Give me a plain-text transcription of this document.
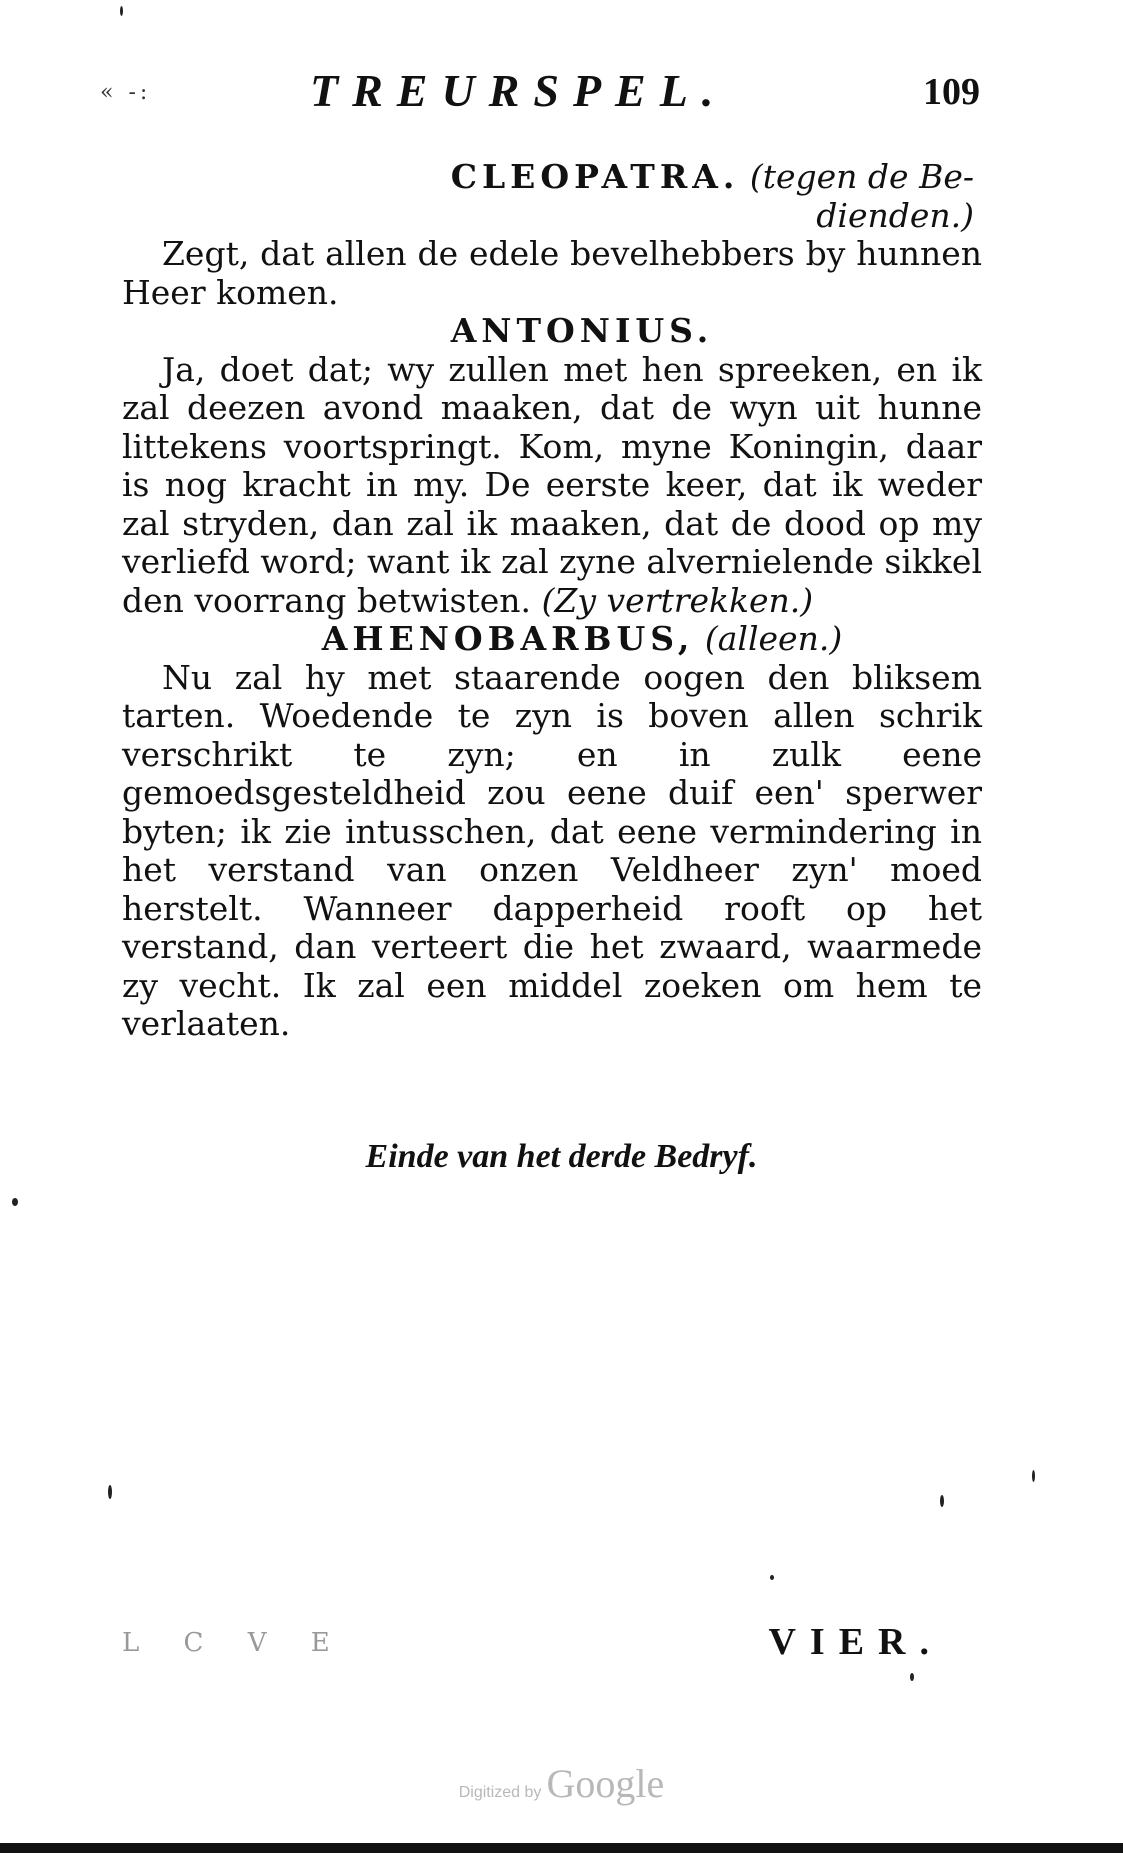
« -:	TREURSPEL.	109
CLEOPATRA. (tegen de Be-
dienden.)

Zegt, dat allen de edele bevelhebbers by hunnen Heer komen.

ANTONIUS.

Ja, doet dat; wy zullen met hen spreeken, en ik zal deezen avond maaken, dat de wyn uit hunne littekens voortspringt. Kom, myne Koningin, daar is nog kracht in my. De eerste keer, dat ik weder zal stryden, dan zal ik maaken, dat de dood op my verliefd word; want ik zal zyne alvernielende sikkel den voorrang betwisten. (Zy vertrekken.)

AHENOBARBUS, (alleen.)

Nu zal hy met staarende oogen den bliksem tarten. Woedende te zyn is boven allen schrik verschrikt te zyn; en in zulk eene gemoedsgesteldheid zou eene duif een' sperwer byten; ik zie intusschen, dat eene vermindering in het verstand van onzen Veldheer zyn' moed herstelt. Wanneer dapperheid rooft op het verstand, dan verteert die het zwaard, waarmede zy vecht. Ik zal een middel zoeken om hem te verlaaten.

Einde van het derde Bedryf.
L C V E	VIER.
Digitized by Google
